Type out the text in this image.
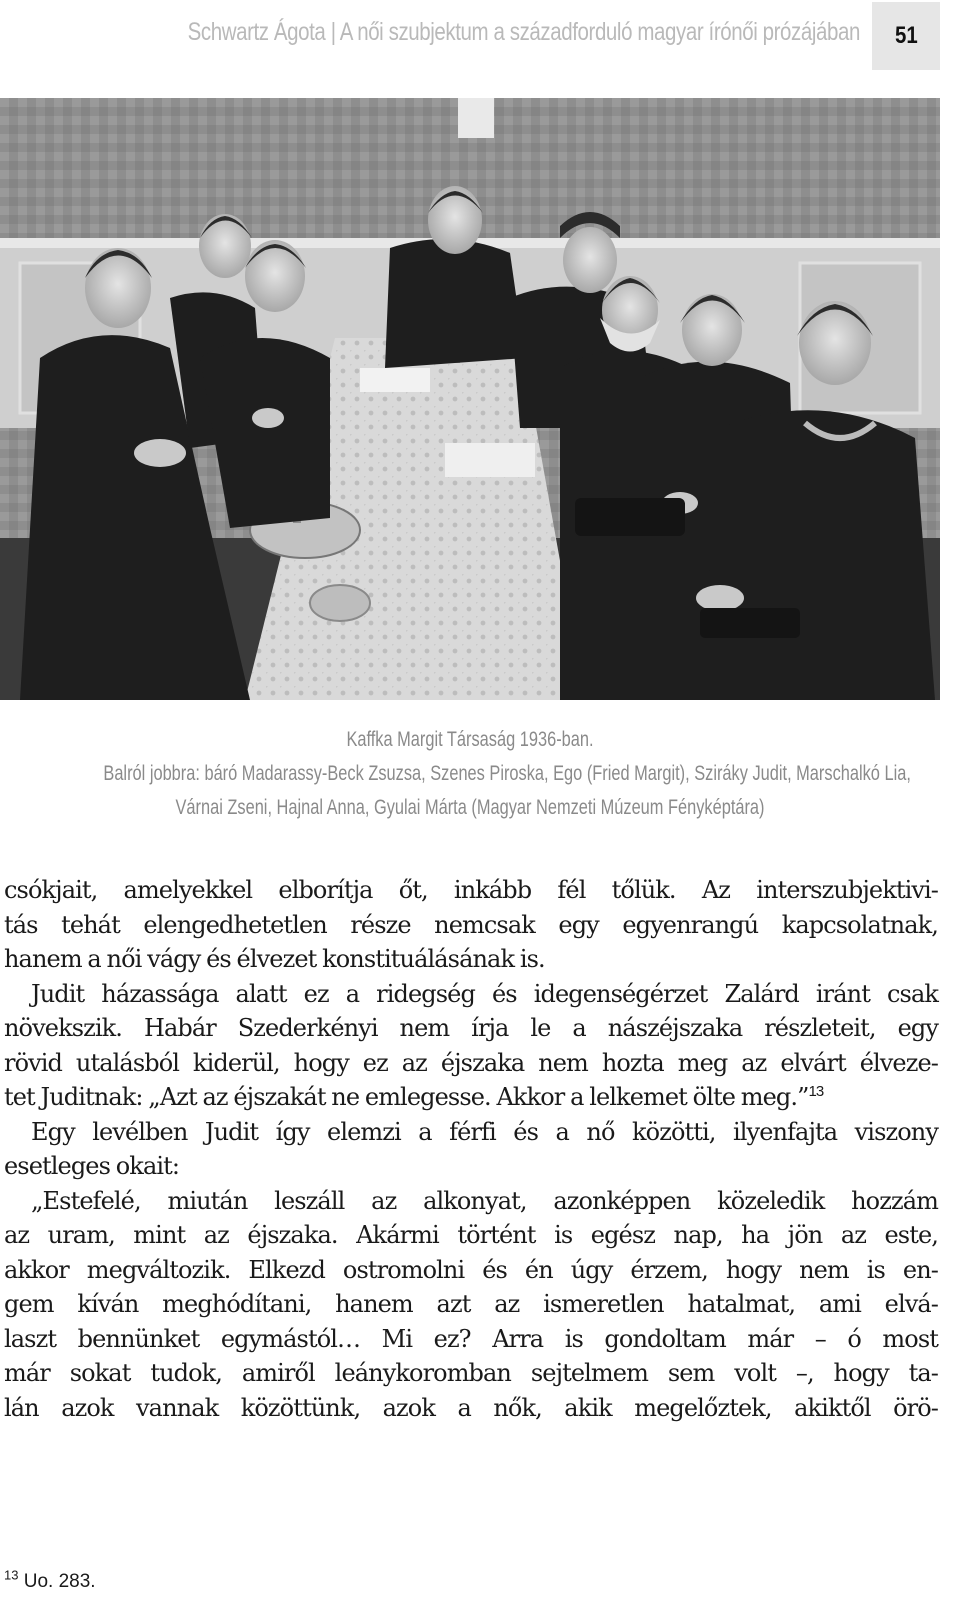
Schwartz Ágota | A női szubjektum a századforduló magyar írónői prózájában 51
Kaffka Margit Társaság 1936-ban.
Balról jobbra: báró Madarassy-Beck Zsuzsa, Szenes Piroska, Ego (Fried Margit), Sziráky Judit, Marschalkó Lia,
Várnai Zseni, Hajnal Anna, Gyulai Márta (Magyar Nemzeti Múzeum Fényképtára)
csókjait, amelyekkel elborítja őt, inkább fél tőlük. Az interszubjektivi-
tás tehát elengedhetetlen része nemcsak egy egyenrangú kapcsolatnak,
hanem a női vágy és élvezet konstituálásának is.
Judit házassága alatt ez a ridegség és idegenségérzet Zalárd iránt csak
növekszik. Habár Szederkényi nem írja le a nászéjszaka részleteit, egy
rövid utalásból kiderül, hogy ez az éjszaka nem hozta meg az elvárt élveze-
tet Juditnak: „Azt az éjszakát ne emlegesse. Akkor a lelkemet ölte meg.”$^{13}$
Egy levélben Judit így elemzi a férfi és a nő közötti, ilyenfajta viszony
esetleges okait:
„Estefelé, miután leszáll az alkonyat, azonképpen közeledik hozzám
az uram, mint az éjszaka. Akármi történt is egész nap, ha jön az este,
akkor megváltozik. Elkezd ostromolni és én úgy érzem, hogy nem is en-
gem kíván meghódítani, hanem azt az ismeretlen hatalmat, ami elvá-
laszt bennünket egymástól… Mi ez? Arra is gondoltam már – ó most
már sokat tudok, amiről leánykoromban sejtelmem sem volt –, hogy ta-
lán azok vannak közöttünk, azok a nők, akik megelőztek, akiktől örö-
$^{13}$ Uo. 283.
